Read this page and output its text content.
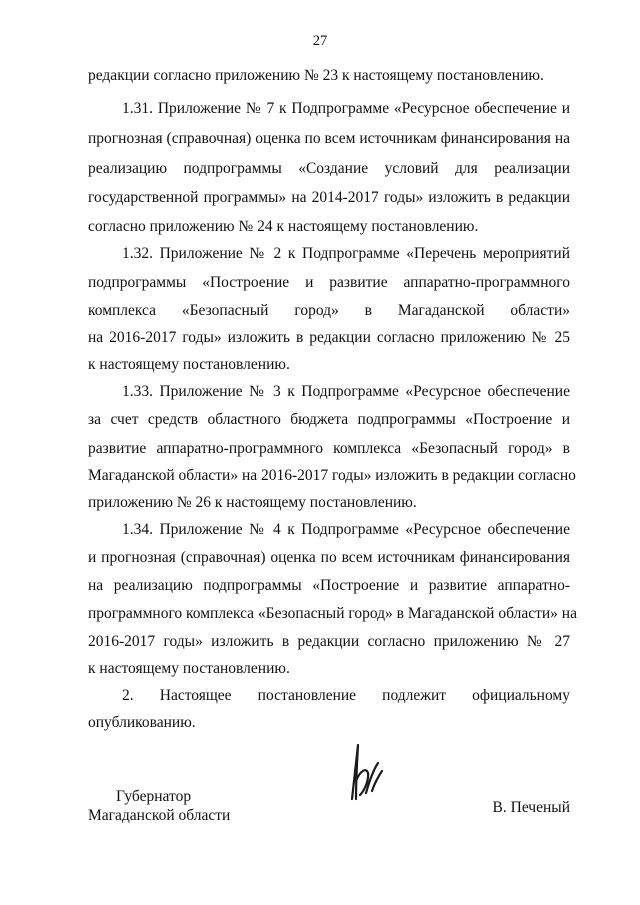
27
редакции согласно приложению № 23 к настоящему постановлению.
1.31. Приложение № 7 к Подпрограмме «Ресурсное обеспечение и
прогнозная (справочная) оценка по всем источникам финансирования на
реализацию подпрограммы «Создание условий для реализации
государственной программы» на 2014-2017 годы» изложить в редакции
согласно приложению № 24 к настоящему постановлению.
1.32. Приложение № 2 к Подпрограмме «Перечень мероприятий
подпрограммы «Построение и развитие аппаратно-программного
комплекса «Безопасный город» в Магаданской области»
на 2016-2017 годы» изложить в редакции согласно приложению № 25
к настоящему постановлению.
1.33. Приложение № 3 к Подпрограмме «Ресурсное обеспечение
за счет средств областного бюджета подпрограммы «Построение и
развитие аппаратно-программного комплекса «Безопасный город» в
Магаданской области» на 2016-2017 годы» изложить в редакции согласно
приложению № 26 к настоящему постановлению.
1.34. Приложение № 4 к Подпрограмме «Ресурсное обеспечение
и прогнозная (справочная) оценка по всем источникам финансирования
на реализацию подпрограммы «Построение и развитие аппаратно-
программного комплекса «Безопасный город» в Магаданской области» на
2016-2017 годы» изложить в редакции согласно приложению № 27
к настоящему постановлению.
2. Настоящее постановление подлежит официальному
опубликованию.
Губернатор
Магаданской области	В. Печеный
